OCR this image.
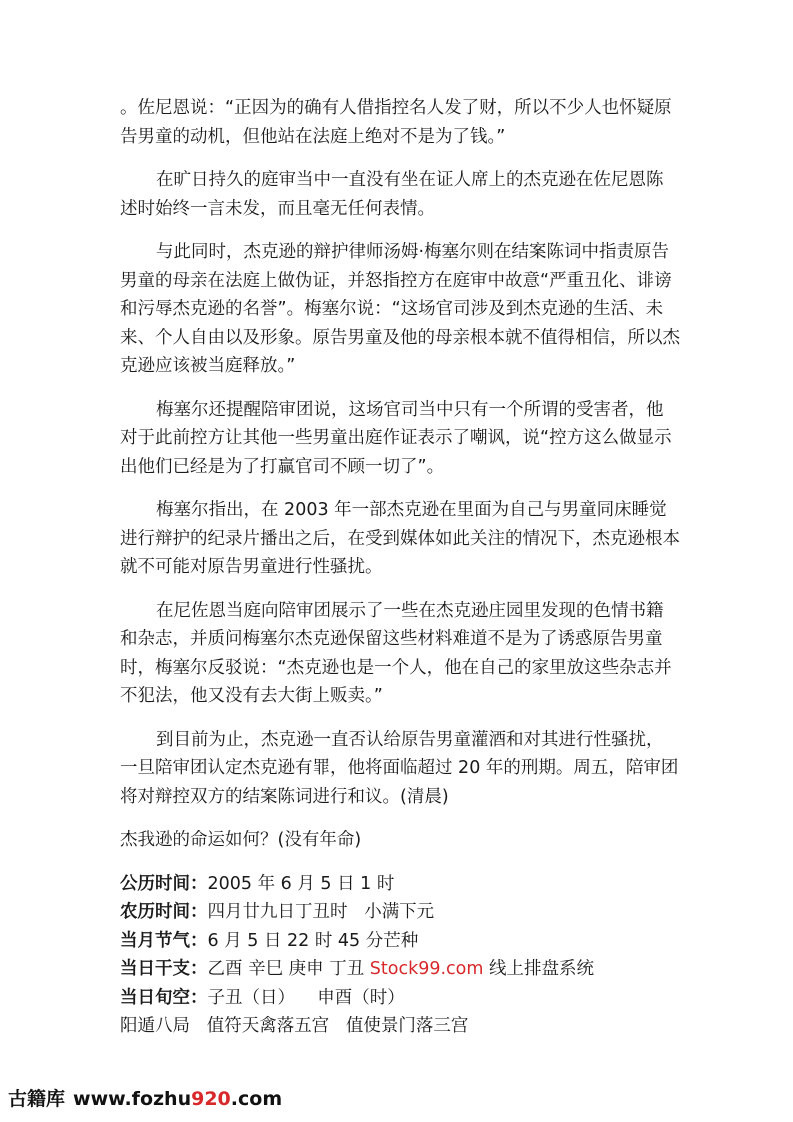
。佐尼恩说：“正因为的确有人借指控名人发了财，所以不少人也怀疑原告男童的动机，但他站在法庭上绝对不是为了钱。”

在旷日持久的庭审当中一直没有坐在证人席上的杰克逊在佐尼恩陈述时始终一言未发，而且毫无任何表情。

与此同时，杰克逊的辩护律师汤姆·梅塞尔则在结案陈词中指责原告男童的母亲在法庭上做伪证，并怒指控方在庭审中故意“严重丑化、诽谤和污辱杰克逊的名誉”。梅塞尔说：“这场官司涉及到杰克逊的生活、未来、个人自由以及形象。原告男童及他的母亲根本就不值得相信，所以杰克逊应该被当庭释放。”

梅塞尔还提醒陪审团说，这场官司当中只有一个所谓的受害者，他对于此前控方让其他一些男童出庭作证表示了嘲讽，说“控方这么做显示出他们已经是为了打赢官司不顾一切了”。

梅塞尔指出，在 2003 年一部杰克逊在里面为自己与男童同床睡觉进行辩护的纪录片播出之后，在受到媒体如此关注的情况下，杰克逊根本就不可能对原告男童进行性骚扰。

在尼佐恩当庭向陪审团展示了一些在杰克逊庄园里发现的色情书籍和杂志，并质问梅塞尔杰克逊保留这些材料难道不是为了诱惑原告男童时，梅塞尔反驳说：“杰克逊也是一个人，他在自己的家里放这些杂志并不犯法，他又没有去大街上贩卖。”

到目前为止，杰克逊一直否认给原告男童灌酒和对其进行性骚扰，一旦陪审团认定杰克逊有罪，他将面临超过 20 年的刑期。周五，陪审团将对辩控双方的结案陈词进行和议。(清晨)

杰我逊的命运如何？(没有年命)

公历时间：2005 年 6 月 5 日 1 时

农历时间：四月廿九日丁丑时   小满下元

当月节气：6 月 5 日 22 时 45 分芒种

当日干支：乙酉 辛巳 庚申 丁丑 Stock99.com 线上排盘系统

当日旬空：子丑（日）    申酉（时）

阳遁八局   值符天禽落五宫   值使景门落三宫

古籍库 www.fozhu920.com
